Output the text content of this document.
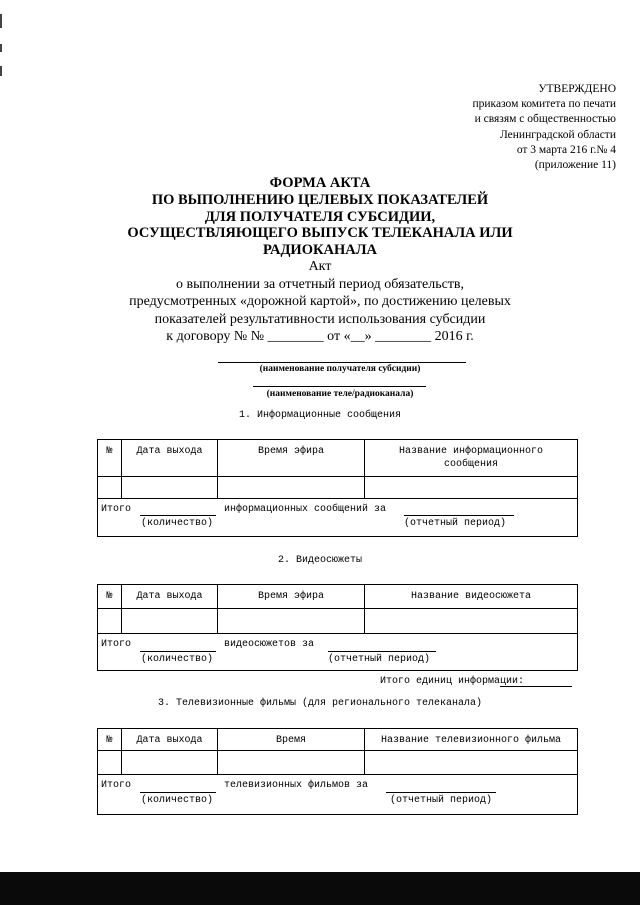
УТВЕРЖДЕНО
приказом комитета по печати
и связям с общественностью
Ленинградской области
от 3 марта 216 г.№ 4
(приложение 11)
ФОРМА АКТА
ПО ВЫПОЛНЕНИЮ ЦЕЛЕВЫХ ПОКАЗАТЕЛЕЙ
ДЛЯ ПОЛУЧАТЕЛЯ СУБСИДИИ,
ОСУЩЕСТВЛЯЮЩЕГО ВЫПУСК ТЕЛЕКАНАЛА ИЛИ
РАДИОКАНАЛА
Акт
о выполнении за отчетный период обязательств,
предусмотренных «дорожной картой», по достижению целевых
показателей результативности использования субсидии
к договору № № ________ от «__» ________ 2016 г.
(наименование получателя субсидии)
(наименование теле/радиоканала)
1. Информационные сообщения
№	Дата выхода	Время эфира	Название информационного
сообщения

Итого
(количество)
информационных сообщений за
(отчетный период)			
2. Видеосюжеты
№	Дата выхода	Время эфира	Название видеосюжета

Итого
(количество)
видеосюжетов за
(отчетный период)			
Итого единиц информации:
3. Телевизионные фильмы (для регионального телеканала)
№	Дата выхода	Время	Название телевизионного фильма

Итого
(количество)
телевизионных фильмов за
(отчетный период)			
